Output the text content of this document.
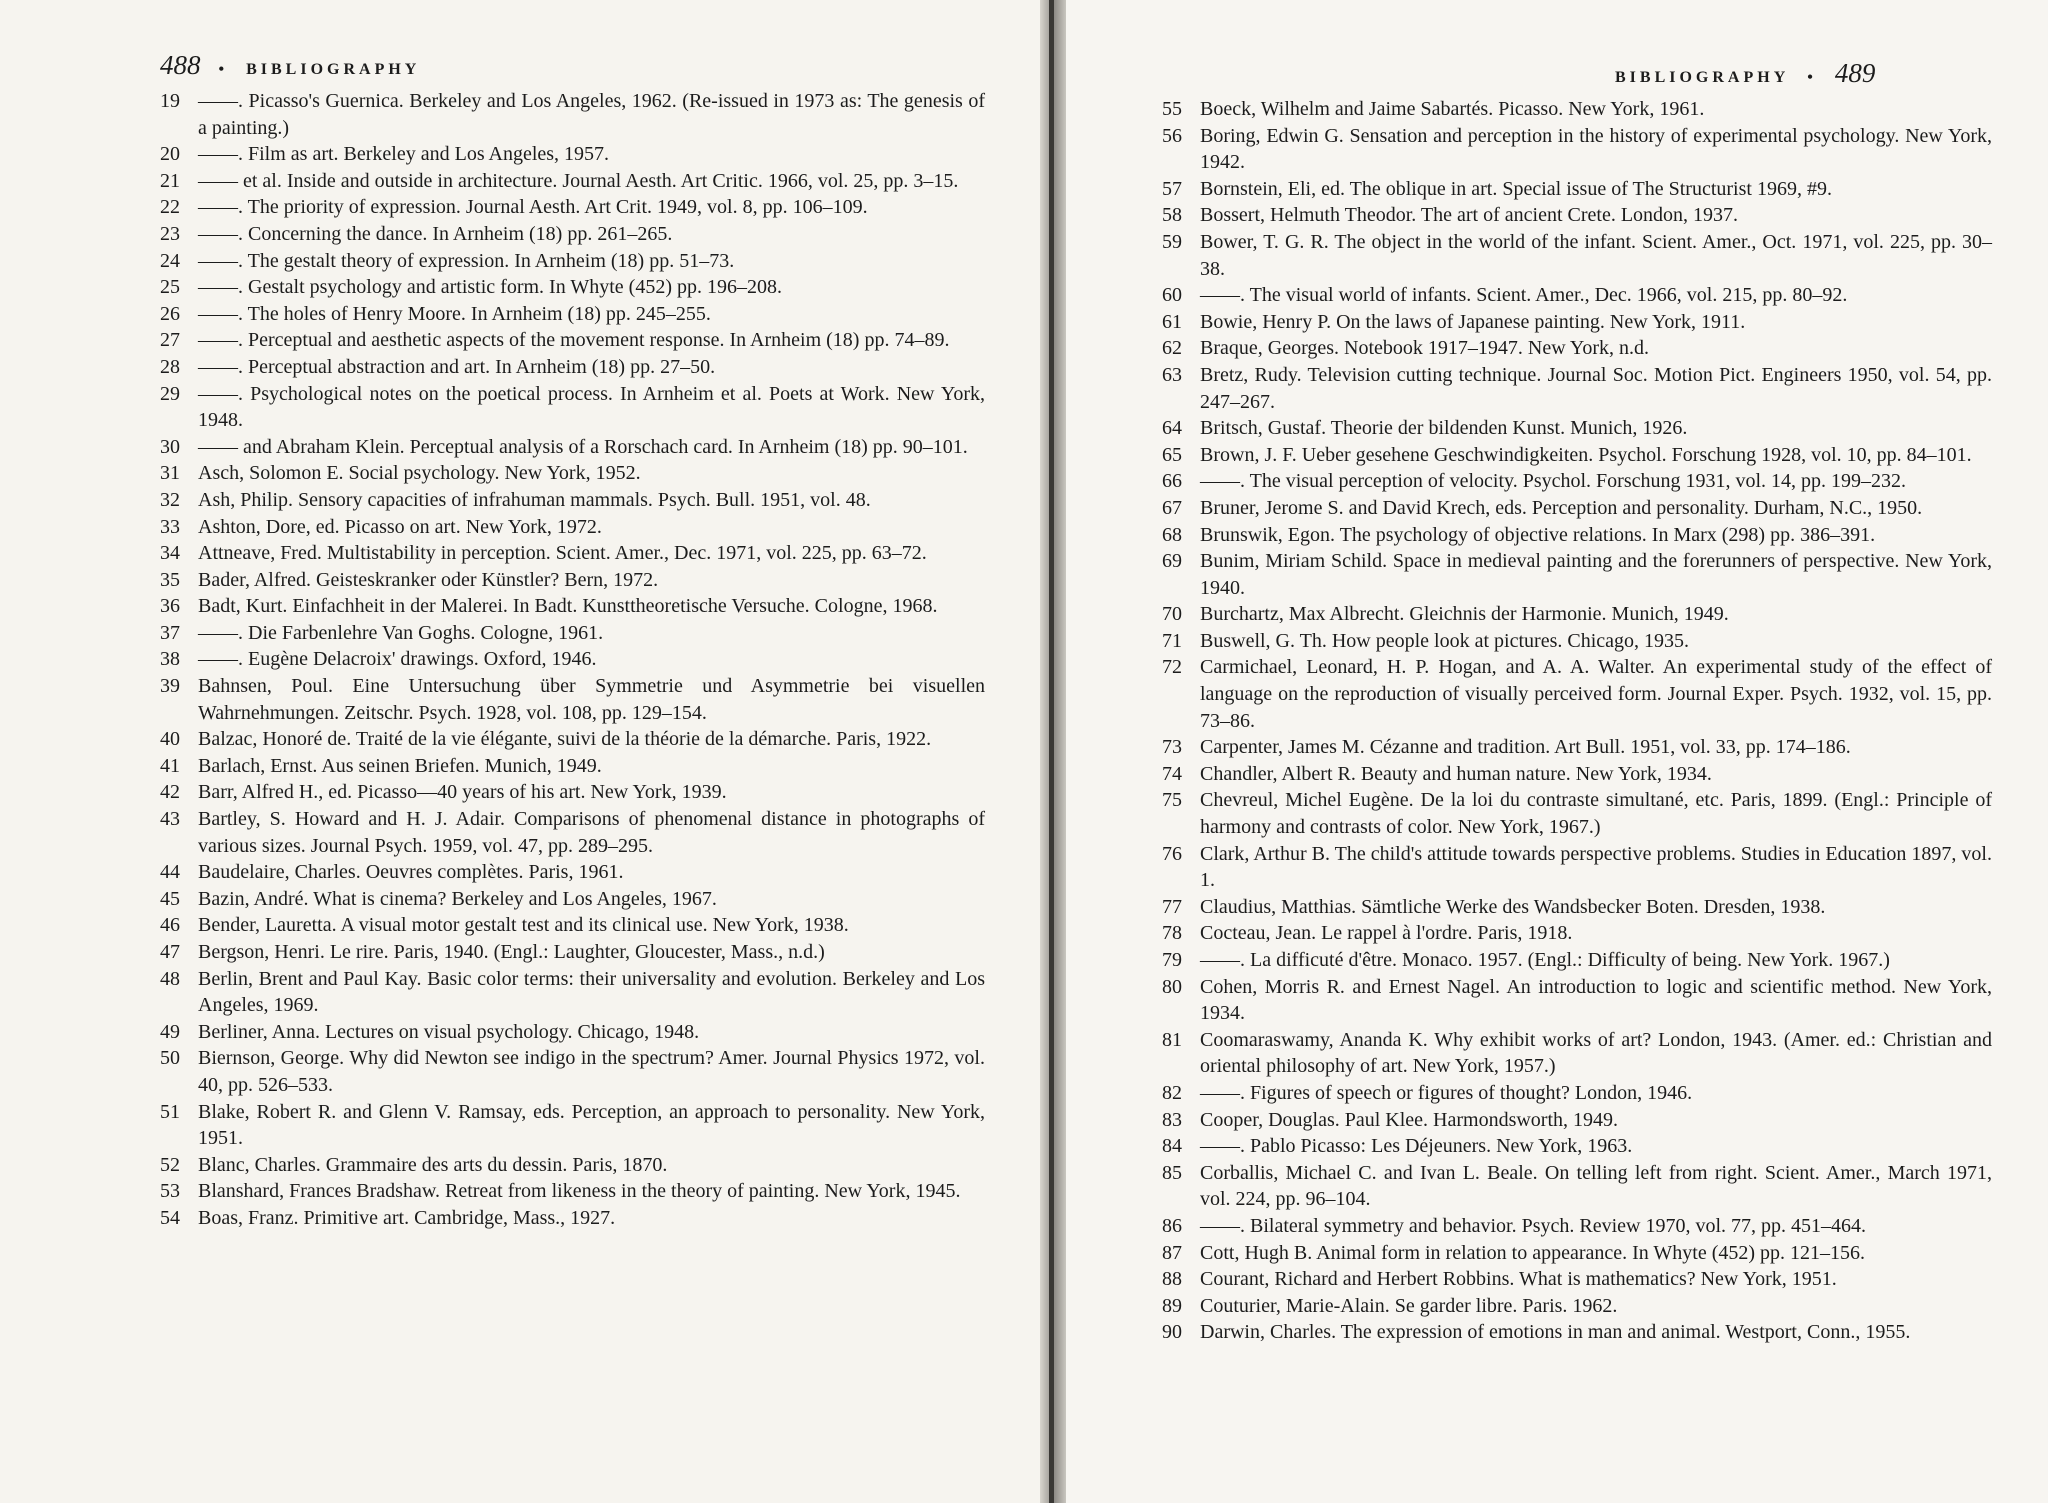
488 • BIBLIOGRAPHY
19 ——. Picasso's Guernica. Berkeley and Los Angeles, 1962. (Re-issued in 1973 as: The genesis of a painting.)
20 ——. Film as art. Berkeley and Los Angeles, 1957.
21 —— et al. Inside and outside in architecture. Journal Aesth. Art Critic. 1966, vol. 25, pp. 3–15.
22 ——. The priority of expression. Journal Aesth. Art Crit. 1949, vol. 8, pp. 106–109.
23 ——. Concerning the dance. In Arnheim (18) pp. 261–265.
24 ——. The gestalt theory of expression. In Arnheim (18) pp. 51–73.
25 ——. Gestalt psychology and artistic form. In Whyte (452) pp. 196–208.
26 ——. The holes of Henry Moore. In Arnheim (18) pp. 245–255.
27 ——. Perceptual and aesthetic aspects of the movement response. In Arnheim (18) pp. 74–89.
28 ——. Perceptual abstraction and art. In Arnheim (18) pp. 27–50.
29 ——. Psychological notes on the poetical process. In Arnheim et al. Poets at Work. New York, 1948.
30 —— and Abraham Klein. Perceptual analysis of a Rorschach card. In Arnheim (18) pp. 90–101.
31 Asch, Solomon E. Social psychology. New York, 1952.
32 Ash, Philip. Sensory capacities of infrahuman mammals. Psych. Bull. 1951, vol. 48.
33 Ashton, Dore, ed. Picasso on art. New York, 1972.
34 Attneave, Fred. Multistability in perception. Scient. Amer., Dec. 1971, vol. 225, pp. 63–72.
35 Bader, Alfred. Geisteskranker oder Künstler? Bern, 1972.
36 Badt, Kurt. Einfachheit in der Malerei. In Badt. Kunsttheoretische Versuche. Cologne, 1968.
37 ——. Die Farbenlehre Van Goghs. Cologne, 1961.
38 ——. Eugène Delacroix' drawings. Oxford, 1946.
39 Bahnsen, Poul. Eine Untersuchung über Symmetrie und Asymmetrie bei visuellen Wahrnehmungen. Zeitschr. Psych. 1928, vol. 108, pp. 129–154.
40 Balzac, Honoré de. Traité de la vie élégante, suivi de la théorie de la démarche. Paris, 1922.
41 Barlach, Ernst. Aus seinen Briefen. Munich, 1949.
42 Barr, Alfred H., ed. Picasso—40 years of his art. New York, 1939.
43 Bartley, S. Howard and H. J. Adair. Comparisons of phenomenal distance in photographs of various sizes. Journal Psych. 1959, vol. 47, pp. 289–295.
44 Baudelaire, Charles. Oeuvres complètes. Paris, 1961.
45 Bazin, André. What is cinema? Berkeley and Los Angeles, 1967.
46 Bender, Lauretta. A visual motor gestalt test and its clinical use. New York, 1938.
47 Bergson, Henri. Le rire. Paris, 1940. (Engl.: Laughter, Gloucester, Mass., n.d.)
48 Berlin, Brent and Paul Kay. Basic color terms: their universality and evolution. Berkeley and Los Angeles, 1969.
49 Berliner, Anna. Lectures on visual psychology. Chicago, 1948.
50 Biernson, George. Why did Newton see indigo in the spectrum? Amer. Journal Physics 1972, vol. 40, pp. 526–533.
51 Blake, Robert R. and Glenn V. Ramsay, eds. Perception, an approach to personality. New York, 1951.
52 Blanc, Charles. Grammaire des arts du dessin. Paris, 1870.
53 Blanshard, Frances Bradshaw. Retreat from likeness in the theory of painting. New York, 1945.
54 Boas, Franz. Primitive art. Cambridge, Mass., 1927.
BIBLIOGRAPHY • 489
55 Boeck, Wilhelm and Jaime Sabartés. Picasso. New York, 1961.
56 Boring, Edwin G. Sensation and perception in the history of experimental psychology. New York, 1942.
57 Bornstein, Eli, ed. The oblique in art. Special issue of The Structurist 1969, #9.
58 Bossert, Helmuth Theodor. The art of ancient Crete. London, 1937.
59 Bower, T. G. R. The object in the world of the infant. Scient. Amer., Oct. 1971, vol. 225, pp. 30–38.
60 ——. The visual world of infants. Scient. Amer., Dec. 1966, vol. 215, pp. 80–92.
61 Bowie, Henry P. On the laws of Japanese painting. New York, 1911.
62 Braque, Georges. Notebook 1917–1947. New York, n.d.
63 Bretz, Rudy. Television cutting technique. Journal Soc. Motion Pict. Engineers 1950, vol. 54, pp. 247–267.
64 Britsch, Gustaf. Theorie der bildenden Kunst. Munich, 1926.
65 Brown, J. F. Ueber gesehene Geschwindigkeiten. Psychol. Forschung 1928, vol. 10, pp. 84–101.
66 ——. The visual perception of velocity. Psychol. Forschung 1931, vol. 14, pp. 199–232.
67 Bruner, Jerome S. and David Krech, eds. Perception and personality. Durham, N.C., 1950.
68 Brunswik, Egon. The psychology of objective relations. In Marx (298) pp. 386–391.
69 Bunim, Miriam Schild. Space in medieval painting and the forerunners of perspective. New York, 1940.
70 Burchartz, Max Albrecht. Gleichnis der Harmonie. Munich, 1949.
71 Buswell, G. Th. How people look at pictures. Chicago, 1935.
72 Carmichael, Leonard, H. P. Hogan, and A. A. Walter. An experimental study of the effect of language on the reproduction of visually perceived form. Journal Exper. Psych. 1932, vol. 15, pp. 73–86.
73 Carpenter, James M. Cézanne and tradition. Art Bull. 1951, vol. 33, pp. 174–186.
74 Chandler, Albert R. Beauty and human nature. New York, 1934.
75 Chevreul, Michel Eugène. De la loi du contraste simultané, etc. Paris, 1899. (Engl.: Principle of harmony and contrasts of color. New York, 1967.)
76 Clark, Arthur B. The child's attitude towards perspective problems. Studies in Education 1897, vol. 1.
77 Claudius, Matthias. Sämtliche Werke des Wandsbecker Boten. Dresden, 1938.
78 Cocteau, Jean. Le rappel à l'ordre. Paris, 1918.
79 ——. La difficuté d'être. Monaco. 1957. (Engl.: Difficulty of being. New York. 1967.)
80 Cohen, Morris R. and Ernest Nagel. An introduction to logic and scientific method. New York, 1934.
81 Coomaraswamy, Ananda K. Why exhibit works of art? London, 1943. (Amer. ed.: Christian and oriental philosophy of art. New York, 1957.)
82 ——. Figures of speech or figures of thought? London, 1946.
83 Cooper, Douglas. Paul Klee. Harmondsworth, 1949.
84 ——. Pablo Picasso: Les Déjeuners. New York, 1963.
85 Corballis, Michael C. and Ivan L. Beale. On telling left from right. Scient. Amer., March 1971, vol. 224, pp. 96–104.
86 ——. Bilateral symmetry and behavior. Psych. Review 1970, vol. 77, pp. 451–464.
87 Cott, Hugh B. Animal form in relation to appearance. In Whyte (452) pp. 121–156.
88 Courant, Richard and Herbert Robbins. What is mathematics? New York, 1951.
89 Couturier, Marie-Alain. Se garder libre. Paris. 1962.
90 Darwin, Charles. The expression of emotions in man and animal. Westport, Conn., 1955.
